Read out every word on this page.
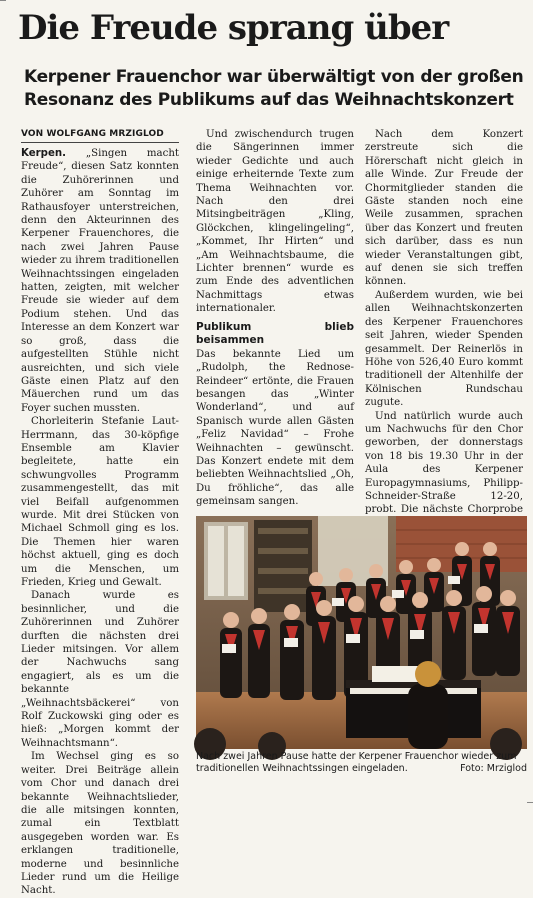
Die Freude sprang über
Kerpener Frauenchor war überwältigt von der großen Resonanz des Publikums auf das Weihnachtskonzert
VON WOLFGANG MRZIGLOD

Kerpen. „Singen macht Freude“, diesen Satz konnten die Zuhörerinnen und Zuhörer am Sonntag im Rathausfoyer unterstreichen, denn den Akteurinnen des Kerpener Frauenchores, die nach zwei Jahren Pause wieder zu ihrem traditionellen Weihnachtssingen eingeladen hatten, zeigten, mit welcher Freude sie wieder auf dem Podium stehen. Und das Interesse an dem Konzert war so groß, dass die aufgestellten Stühle nicht ausreichten, und sich viele Gäste einen Platz auf den Mäuerchen rund um das Foyer suchen mussten.

Chorleiterin Stefanie Laut-Herrmann, das 30-köpfige Ensemble am Klavier begleitete, hatte ein schwungvolles Programm zusammengestellt, das mit viel Beifall aufgenommen wurde. Mit drei Stücken von Michael Schmoll ging es los. Die Themen hier waren höchst aktuell, ging es doch um die Menschen, um Frieden, Krieg und Gewalt.

Danach wurde es besinnlicher, und die Zuhörerinnen und Zuhörer durften die nächsten drei Lieder mitsingen. Vor allem der Nachwuchs sang engagiert, als es um die bekannte „Weihnachtsbäckerei“ von Rolf Zuckowski ging oder es hieß: „Morgen kommt der Weihnachtsmann“.

Im Wechsel ging es so weiter. Drei Beiträge allein vom Chor und danach drei bekannte Weihnachtslieder, die alle mitsingen konnten, zumal ein Textblatt ausgegeben worden war. Es erklangen traditionelle, moderne und besinnliche Lieder rund um die Heilige Nacht.

Und zwischendurch trugen die Sängerinnen immer wieder Gedichte und auch einige erheiternde Texte zum Thema Weihnachten vor. Nach den drei Mitsingbeiträgen „Kling, Glöckchen, klingelingeling“, „Kommet, Ihr Hirten“ und „Am Weihnachtsbaume, die Lichter brennen“ wurde es zum Ende des adventlichen Nachmittags etwas internationaler.

Publikum blieb beisammen

Das bekannte Lied um „Rudolph, the Rednose-Reindeer“ ertönte, die Frauen besangen das „Winter Wonderland“, und auf Spanisch wurde allen Gästen „Feliz Navidad“ – Frohe Weihnachten – gewünscht. Das Konzert endete mit dem beliebten Weihnachtslied „Oh, Du fröhliche“, das alle gemeinsam sangen.

Nach dem Konzert zerstreute sich die Hörerschaft nicht gleich in alle Winde. Zur Freude der Chormitglieder standen die Gäste standen noch eine Weile zusammen, sprachen über das Konzert und freuten sich darüber, dass es nun wieder Veranstaltungen gibt, auf denen sie sich treffen können.

Außerdem wurden, wie bei allen Weihnachtskonzerten des Kerpener Frauenchores seit Jahren, wieder Spenden gesammelt. Der Reinerlös in Höhe von 526,40 Euro kommt traditionell der Altenhilfe der Kölnischen Rundschau zugute.

Und natürlich wurde auch um Nachwuchs für den Chor geworben, der donnerstags von 18 bis 19.30 Uhr in der Aula des Kerpener Europagymnasiums, Philipp-Schneider-Straße 12-20, probt. Die nächste Chorprobe

Nach zwei Jahren Pause hatte der Kerpener Frauenchor wieder zum traditionellen Weihnachtssingen eingeladen.	Foto: Mrziglod
